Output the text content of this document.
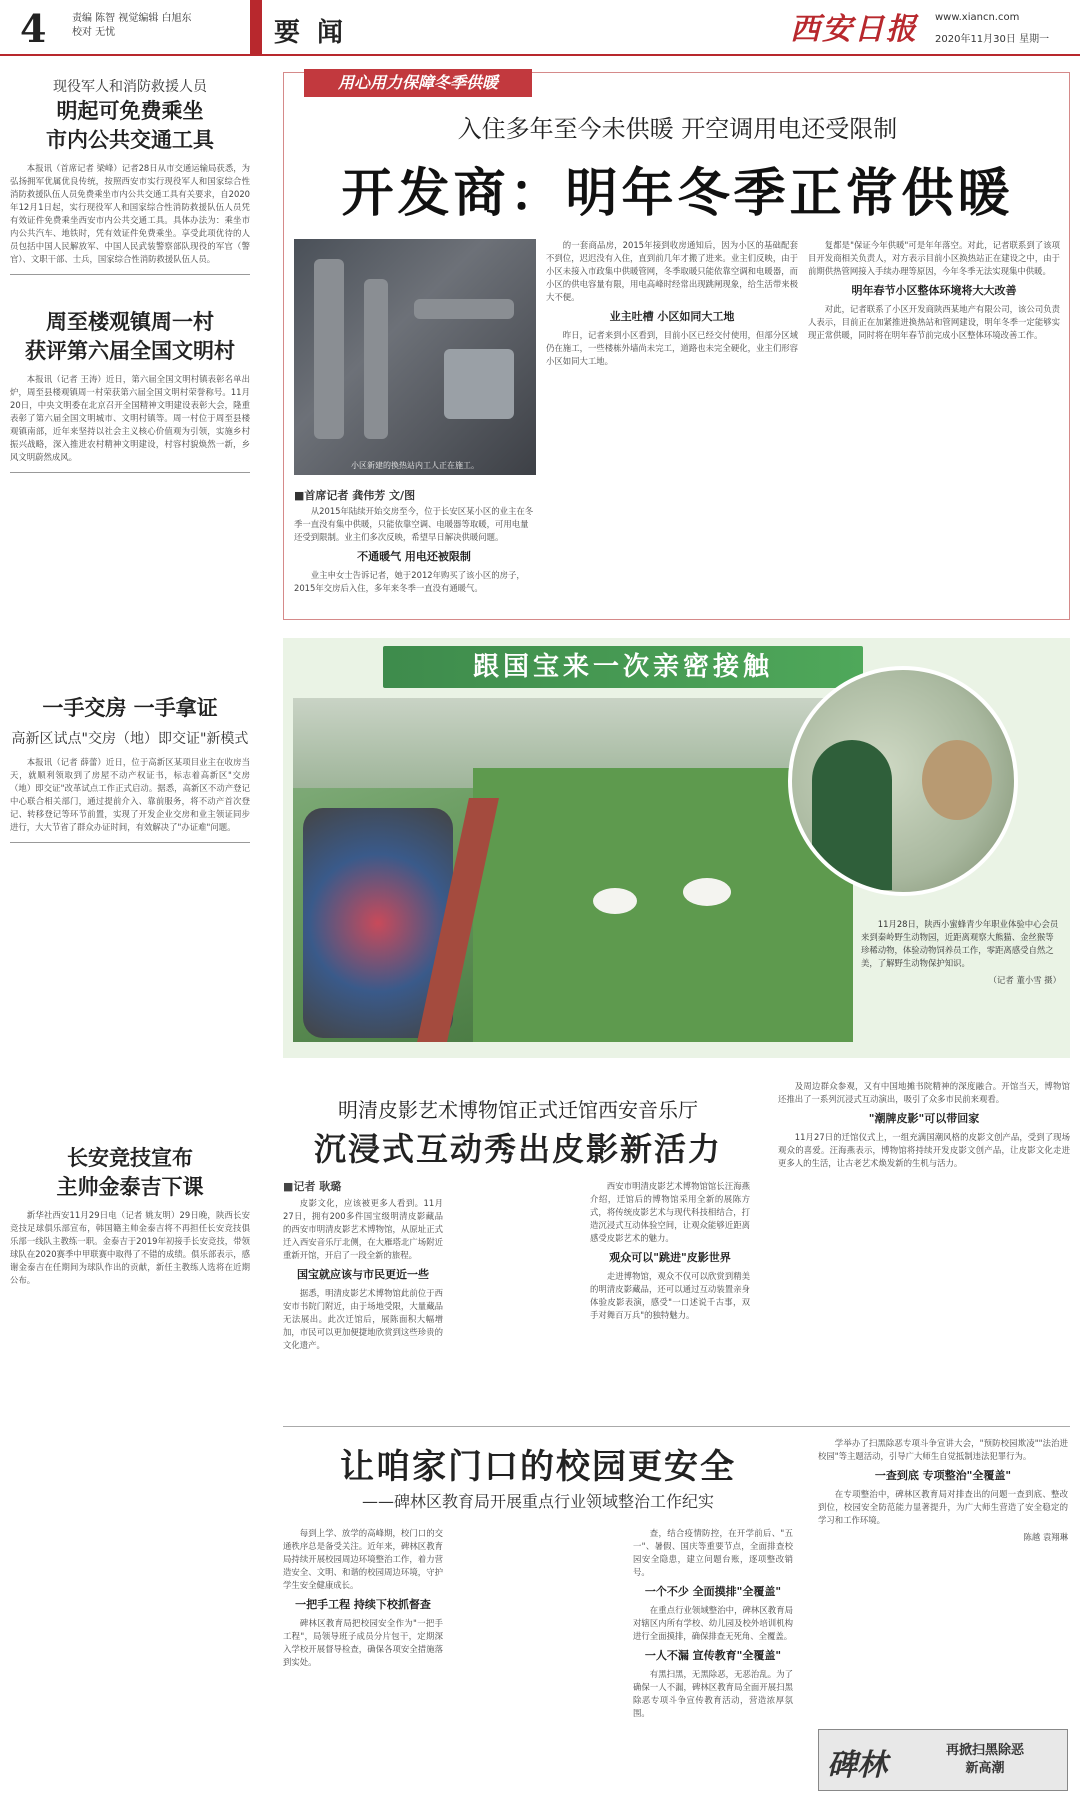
4	责编 陈智 视觉编辑 白旭东
校对 无忧	要 闻	西安日报 www.xiancn.com
2020年11月30日 星期一
现役军人和消防救援人员
明起可免费乘坐
市内公共交通工具

本报讯（首席记者 梁峰）记者28日从市交通运输局获悉，为弘扬拥军优属优良传统，按照西安市实行现役军人和国家综合性消防救援队伍人员免费乘坐市内公共交通工具有关要求，自2020年12月1日起，实行现役军人和国家综合性消防救援队伍人员凭有效证件免费乘坐西安市内公共交通工具。具体办法为：乘坐市内公共汽车、地铁时，凭有效证件免费乘坐。享受此项优待的人员包括中国人民解放军、中国人民武装警察部队现役的军官（警官）、文职干部、士兵，国家综合性消防救援队伍人员。

周至楼观镇周一村
获评第六届全国文明村

本报讯（记者 王涛）近日，第六届全国文明村镇表彰名单出炉，周至县楼观镇周一村荣获第六届全国文明村荣誉称号。11月20日，中央文明委在北京召开全国精神文明建设表彰大会，隆重表彰了第六届全国文明城市、文明村镇等。周一村位于周至县楼观镇南部，近年来坚持以社会主义核心价值观为引领，实施乡村振兴战略，深入推进农村精神文明建设，村容村貌焕然一新，乡风文明蔚然成风。

一手交房 一手拿证
高新区试点"交房（地）即交证"新模式

本报讯（记者 薛蕾）近日，位于高新区某项目业主在收房当天，就顺利领取到了房屋不动产权证书，标志着高新区"交房（地）即交证"改革试点工作正式启动。据悉，高新区不动产登记中心联合相关部门，通过提前介入、靠前服务，将不动产首次登记、转移登记等环节前置，实现了开发企业交房和业主领证同步进行，大大节省了群众办证时间，有效解决了"办证难"问题。

长安竞技宣布
主帅金泰吉下课

新华社西安11月29日电（记者 姚友明）29日晚，陕西长安竞技足球俱乐部宣布，韩国籍主帅金泰吉将不再担任长安竞技俱乐部一线队主教练一职。金泰吉于2019年初接手长安竞技，带领球队在2020赛季中甲联赛中取得了不错的成绩。俱乐部表示，感谢金泰吉在任期间为球队作出的贡献，新任主教练人选将在近期公布。

用心用力保障冬季供暖
入住多年至今未供暖 开空调用电还受限制
开发商：明年冬季正常供暖
小区新建的换热站内工人正在施工。
■首席记者 龚伟芳 文/图

从2015年陆续开始交房至今，位于长安区某小区的业主在冬季一直没有集中供暖，只能依靠空调、电暖器等取暖，可用电量还受到限制。业主们多次反映，希望早日解决供暖问题。

不通暖气 用电还被限制

业主申女士告诉记者，她于2012年购买了该小区的房子，2015年交房后入住，多年来冬季一直没有通暖气。

的一套商品房，2015年接到收房通知后，因为小区的基础配套不到位，迟迟没有入住，直到前几年才搬了进来。业主们反映，由于小区未接入市政集中供暖管网，冬季取暖只能依靠空调和电暖器，而小区的供电容量有限，用电高峰时经常出现跳闸现象，给生活带来极大不便。

业主吐槽 小区如同大工地

昨日，记者来到小区看到，目前小区已经交付使用，但部分区域仍在施工，一些楼栋外墙尚未完工，道路也未完全硬化，业主们形容小区如同大工地。

复都是"保证今年供暖"可是年年落空。对此，记者联系到了该项目开发商相关负责人，对方表示目前小区换热站正在建设之中，由于前期供热管网接入手续办理等原因，今年冬季无法实现集中供暖。

明年春节小区整体环境将大大改善

对此，记者联系了小区开发商陕西某地产有限公司，该公司负责人表示，目前正在加紧推进换热站和管网建设，明年冬季一定能够实现正常供暖，同时将在明年春节前完成小区整体环境改善工作。

跟国宝来一次亲密接触

11月28日，陕西小蜜蜂青少年职业体验中心会员来到秦岭野生动物园，近距离观察大熊猫、金丝猴等珍稀动物，体验动物饲养员工作，零距离感受自然之美，了解野生动物保护知识。

（记者 董小雪 摄）

明清皮影艺术博物馆正式迁馆西安音乐厅
沉浸式互动秀出皮影新活力
■记者 耿璐

皮影文化，应该被更多人看到。11月27日，拥有200多件国宝级明清皮影藏品的西安市明清皮影艺术博物馆，从原址正式迁入西安音乐厅北侧，在大雁塔北广场附近重新开馆，开启了一段全新的旅程。

国宝就应该与市民更近一些

据悉，明清皮影艺术博物馆此前位于西安市书院门附近，由于场地受限，大量藏品无法展出。此次迁馆后，展陈面积大幅增加，市民可以更加便捷地欣赏到这些珍贵的文化遗产。

西安市明清皮影艺术博物馆馆长汪海燕介绍，迁馆后的博物馆采用全新的展陈方式，将传统皮影艺术与现代科技相结合，打造沉浸式互动体验空间，让观众能够近距离感受皮影艺术的魅力。

观众可以"跳进"皮影世界

走进博物馆，观众不仅可以欣赏到精美的明清皮影藏品，还可以通过互动装置亲身体验皮影表演，感受"一口述说千古事，双手对舞百万兵"的独特魅力。

及周边群众参观，又有中国地摊书院精神的深度融合。开馆当天，博物馆还推出了一系列沉浸式互动演出，吸引了众多市民前来观看。

"潮牌皮影"可以带回家

11月27日的迁馆仪式上，一组充满国潮风格的皮影文创产品，受到了现场观众的喜爱。汪海燕表示，博物馆将持续开发皮影文创产品，让皮影文化走进更多人的生活，让古老艺术焕发新的生机与活力。

让咱家门口的校园更安全
——碑林区教育局开展重点行业领域整治工作纪实

每到上学、放学的高峰期，校门口的交通秩序总是备受关注。近年来，碑林区教育局持续开展校园周边环境整治工作，着力营造安全、文明、和谐的校园周边环境，守护学生安全健康成长。

一把手工程 持续下校抓督查

碑林区教育局把校园安全作为"一把手工程"，局领导班子成员分片包干，定期深入学校开展督导检查，确保各项安全措施落到实处。

查，结合疫情防控，在开学前后、"五一"、暑假、国庆等重要节点，全面排查校园安全隐患，建立问题台账，逐项整改销号。

一个不少 全面摸排"全覆盖"

在重点行业领域整治中，碑林区教育局对辖区内所有学校、幼儿园及校外培训机构进行全面摸排，确保排查无死角、全覆盖。

一人不漏 宣传教育"全覆盖"

有黑扫黑，无黑除恶，无恶治乱。为了确保一人不漏，碑林区教育局全面开展扫黑除恶专项斗争宣传教育活动，营造浓厚氛围。

学举办了扫黑除恶专项斗争宣讲大会，"预防校园欺凌""法治进校园"等主题活动，引导广大师生自觉抵制违法犯罪行为。

一查到底 专项整治"全覆盖"

在专项整治中，碑林区教育局对排查出的问题一查到底、整改到位，校园安全防范能力显著提升，为广大师生营造了安全稳定的学习和工作环境。

陈越 袁翔琳

碑林	再掀扫黑除恶
新高潮
